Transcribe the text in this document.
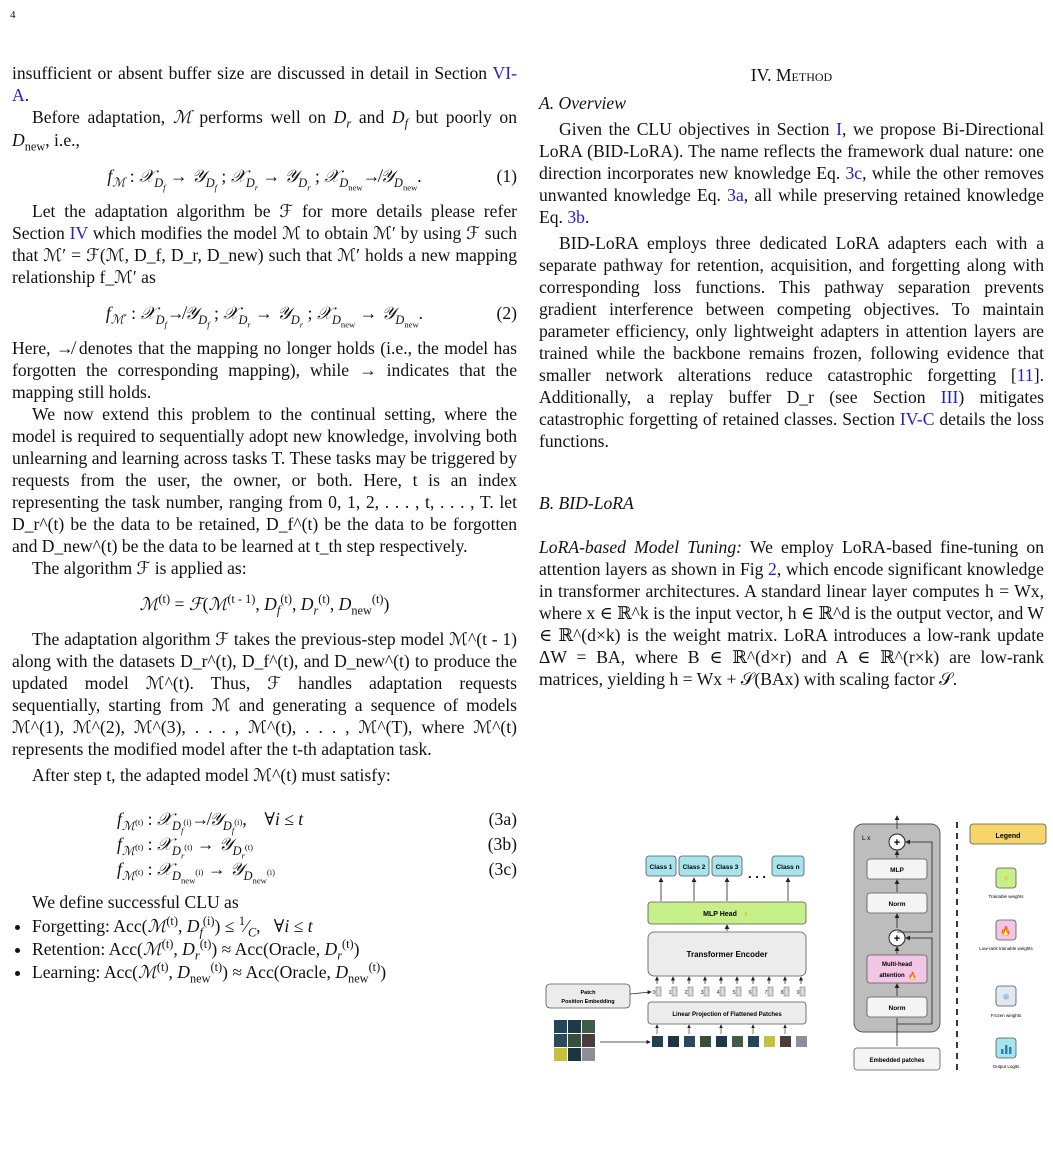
4

insufficient or absent buffer size are discussed in detail in Section VI-A.

Before adaptation, ℳ performs well on $D_r$ and $D_f$ but poorly on $D_{new}$, i.e.,

$f_ℳ$ : 𝒳$_{D_f}$ → 𝒴$_{D_f}$ ; 𝒳$_{D_r}$ → 𝒴$_{D_r}$ ; 𝒳$_{D_{new}}$↛𝒴$_{D_{new}}$.	(1)

Let the adaptation algorithm be ℱ for more details please refer Section IV which modifies the model ℳ to obtain ℳ′ by using ℱ such that ℳ′ = ℱ(ℳ, D_f, D_r, D_new) such that ℳ′ holds a new mapping relationship f_ℳ′ as

$f_{ℳ'}$ : 𝒳$_{D_f}$↛𝒴$_{D_f}$ ; 𝒳$_{D_r}$ → 𝒴$_{D_r}$ ; 𝒳$_{D_{new}}$ → 𝒴$_{D_{new}}$.	(2)

Here, ↛ denotes that the mapping no longer holds (i.e., the model has forgotten the corresponding mapping), while → indicates that the mapping still holds.

We now extend this problem to the continual setting, where the model is required to sequentially adopt new knowledge, involving both unlearning and learning across tasks T. These tasks may be triggered by requests from the user, the owner, or both. Here, t is an index representing the task number, ranging from 0, 1, 2, . . . , t, . . . , T. let D_r^(t) be the data to be retained, D_f^(t) be the data to be forgotten and D_new^(t) be the data to be learned at t_th step respectively.

The algorithm ℱ is applied as:

ℳ$^{(t)}$ = ℱ(ℳ$^{(t - 1)}$, $D_f^{(t)}$, $D_r^{(t)}$, $D_{new}^{(t)}$)

The adaptation algorithm ℱ takes the previous-step model ℳ^(t - 1) along with the datasets D_r^(t), D_f^(t), and D_new^(t) to produce the updated model ℳ^(t). Thus, ℱ handles adaptation requests sequentially, starting from ℳ and generating a sequence of models ℳ^(1), ℳ^(2), ℳ^(3), . . . , ℳ^(t), . . . , ℳ^(T), where ℳ^(t) represents the modified model after the t-th adaptation task.

After step t, the adapted model ℳ^(t) must satisfy:

$f_{ℳ^{(t)}}$ : 𝒳$_{D_f^{(i)}}$↛𝒴$_{D_f^{(i)}}$,    ∀i ≤ t	(3a)
$f_{ℳ^{(t)}}$ : 𝒳$_{D_r^{(t)}}$ → 𝒴$_{D_r^{(t)}}$	(3b)
$f_{ℳ^{(t)}}$ : 𝒳$_{D_{new}^{(i)}}$ → 𝒴$_{D_{new}^{(i)}}$	(3c)

We define successful CLU as

• Forgetting: Acc(ℳ$^{(t)}$, $D_f^{(i)}$) ≤ $^1⁄_C$,   ∀i ≤ t
• Retention: Acc(ℳ$^{(t)}$, $D_r^{(t)}$) ≈ Acc(Oracle, $D_r^{(t)}$)
• Learning: Acc(ℳ$^{(t)}$, $D_{new}^{(t)}$) ≈ Acc(Oracle, $D_{new}^{(t)}$)
IV. Method
A. Overview

Given the CLU objectives in Section I, we propose Bi-Directional LoRA (BID-LoRA). The name reflects the framework dual nature: one direction incorporates new knowledge Eq. 3c, while the other removes unwanted knowledge Eq. 3a, all while preserving retained knowledge Eq. 3b.

BID-LoRA employs three dedicated LoRA adapters each with a separate pathway for retention, acquisition, and forgetting along with corresponding loss functions. This pathway separation prevents gradient interference between competing objectives. To maintain parameter efficiency, only lightweight adapters in attention layers are trained while the backbone remains frozen, following evidence that smaller network alterations reduce catastrophic forgetting [11]. Additionally, a replay buffer D_r (see Section III) mitigates catastrophic forgetting of retained classes. Section IV-C details the loss functions.

B. BID-LoRA

LoRA-based Model Tuning: We employ LoRA-based fine-tuning on attention layers as shown in Fig 2, which encode significant knowledge in transformer architectures. A standard linear layer computes h = Wx, where x ∈ ℝ^k is the input vector, h ∈ ℝ^d is the output vector, and W ∈ ℝ^(d×k) is the weight matrix. LoRA introduces a low-rank update ΔW = BA, where B ∈ ℝ^(d×r) and A ∈ ℝ^(r×k) are low-rank matrices, yielding h = Wx + 𝒮(BAx) with scaling factor 𝒮.

Class 1 Class 2 Class 3	Class n
. . .
MLP Head ⚡
Transformer Encoder
0 1 2 3 4 5 6 7 8 9
Patch
Position Embedding
Linear Projection of Flattened Patches
L x +
MLP
Norm
+
Multi-head
attention 🔥
Norm
Embedded patches
Legend
⚡
Trainable weights
🔥
Low-rank trainable weights
❄
Frozen weights
Output Logits
